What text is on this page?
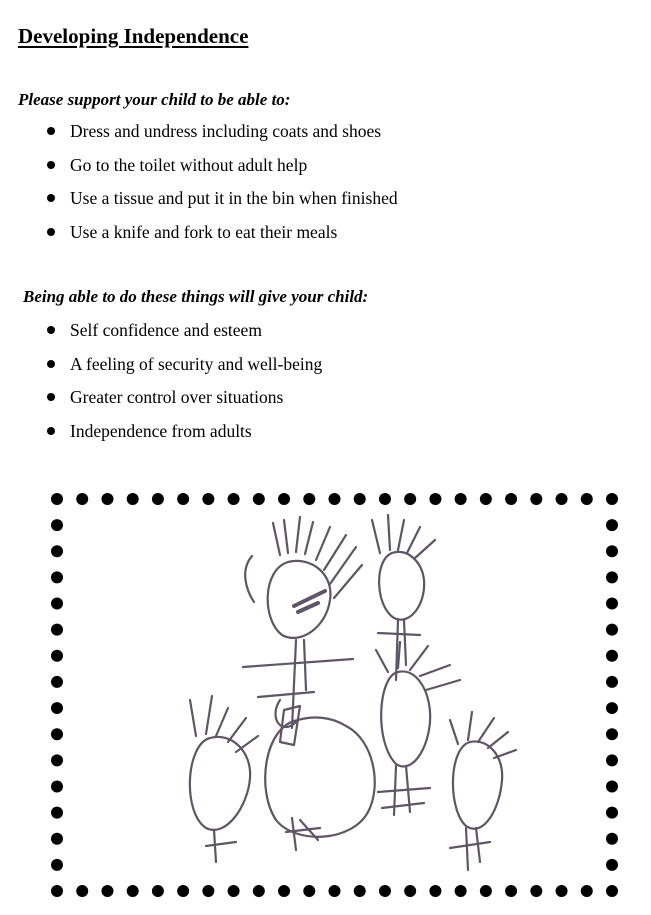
Developing Independence

Please support your child to be able to:

Dress and undress including coats and shoes
Go to the toilet without adult help
Use a tissue and put it in the bin when finished
Use a knife and fork to eat their meals

Being able to do these things will give your child:

Self confidence and esteem
A feeling of security and well-being
Greater control over situations
Independence from adults
